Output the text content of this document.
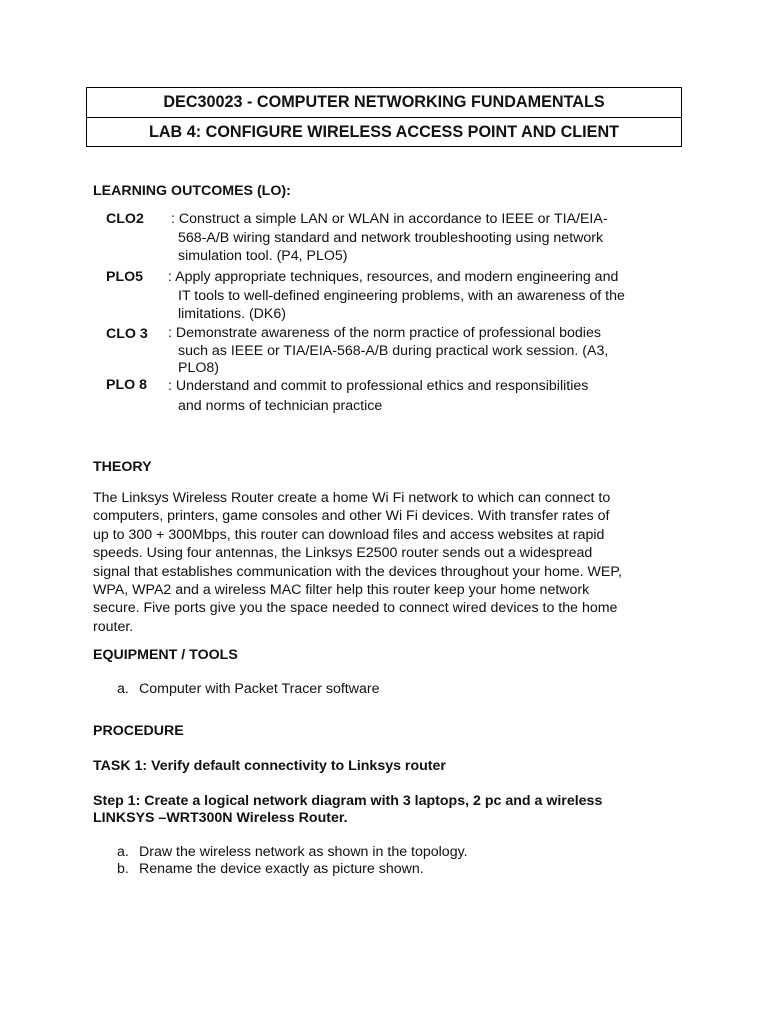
DEC30023 - COMPUTER NETWORKING FUNDAMENTALS
LAB 4: CONFIGURE WIRELESS ACCESS POINT AND CLIENT
LEARNING OUTCOMES (LO):
CLO2 : Construct a simple LAN or WLAN in accordance to IEEE or TIA/EIA-
568-A/B wiring standard and network troubleshooting using network
simulation tool. (P4, PLO5)
PLO5 : Apply appropriate techniques, resources, and modern engineering and
IT tools to well-defined engineering problems, with an awareness of the
limitations. (DK6)
CLO 3 : Demonstrate awareness of the norm practice of professional bodies
such as IEEE or TIA/EIA-568-A/B during practical work session. (A3,
PLO8)
PLO 8 : Understand and commit to professional ethics and responsibilities
and norms of technician practice
THEORY
The Linksys Wireless Router create a home Wi Fi network to which can connect to
computers, printers, game consoles and other Wi Fi devices. With transfer rates of
up to 300 + 300Mbps, this router can download files and access websites at rapid
speeds. Using four antennas, the Linksys E2500 router sends out a widespread
signal that establishes communication with the devices throughout your home. WEP,
WPA, WPA2 and a wireless MAC filter help this router keep your home network
secure. Five ports give you the space needed to connect wired devices to the home
router.
EQUIPMENT / TOOLS
a. Computer with Packet Tracer software
PROCEDURE
TASK 1: Verify default connectivity to Linksys router
Step 1: Create a logical network diagram with 3 laptops, 2 pc and a wireless
LINKSYS –WRT300N Wireless Router.
a. Draw the wireless network as shown in the topology.
b. Rename the device exactly as picture shown.
